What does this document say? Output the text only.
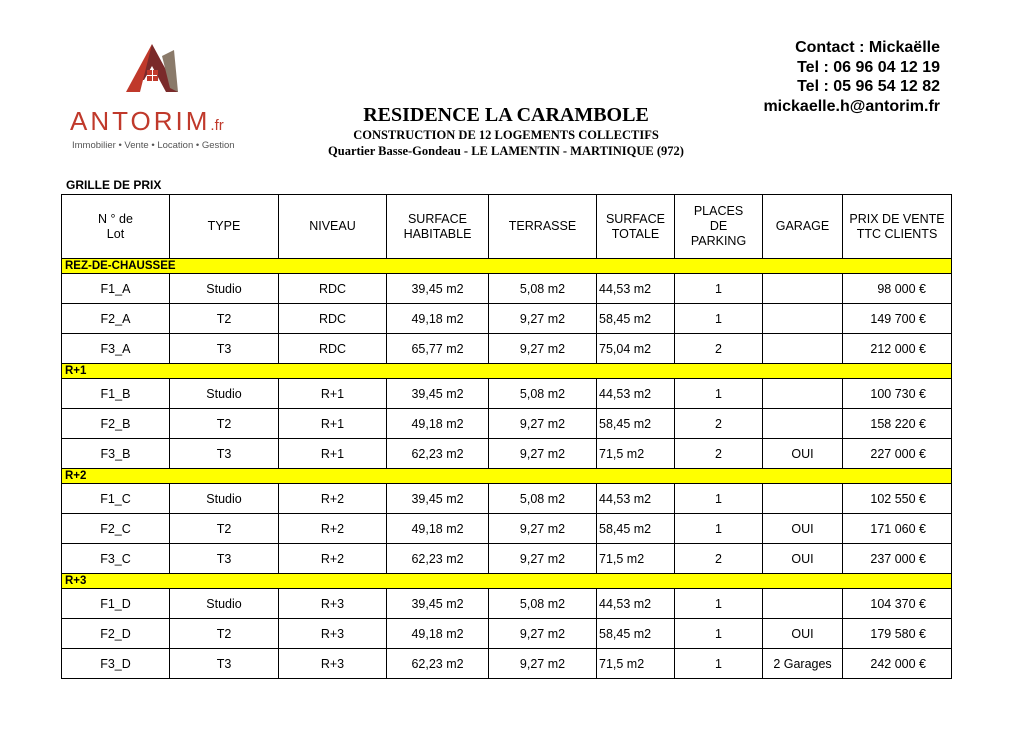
ANTORIM.fr
Immobilier • Vente • Location • Gestion
RESIDENCE LA CARAMBOLE
CONSTRUCTION DE 12 LOGEMENTS COLLECTIFS
Quartier Basse-Gondeau - LE LAMENTIN - MARTINIQUE (972)
Contact : Mickaëlle
Tel : 06 96 04 12 19
Tel : 05 96 54 12 82
mickaelle.h@antorim.fr
GRILLE DE PRIX
N ° de
Lot	TYPE	NIVEAU	SURFACE
HABITABLE	TERRASSE	SURFACE
TOTALE	PLACES
DE
PARKING	GARAGE	PRIX DE VENTE
TTC CLIENTS
REZ-DE-CHAUSSEE								
F1_A	Studio	RDC	39,45 m2	5,08 m2	44,53 m2	1		98 000 €
F2_A	T2	RDC	49,18 m2	9,27 m2	58,45 m2	1		149 700 €
F3_A	T3	RDC	65,77 m2	9,27 m2	75,04 m2	2		212 000 €
R+1								
F1_B	Studio	R+1	39,45 m2	5,08 m2	44,53 m2	1		100 730 €
F2_B	T2	R+1	49,18 m2	9,27 m2	58,45 m2	2		158 220 €
F3_B	T3	R+1	62,23 m2	9,27 m2	71,5 m2	2	OUI	227 000 €
R+2								
F1_C	Studio	R+2	39,45 m2	5,08 m2	44,53 m2	1		102 550 €
F2_C	T2	R+2	49,18 m2	9,27 m2	58,45 m2	1	OUI	171 060 €
F3_C	T3	R+2	62,23 m2	9,27 m2	71,5 m2	2	OUI	237 000 €
R+3								
F1_D	Studio	R+3	39,45 m2	5,08 m2	44,53 m2	1		104 370 €
F2_D	T2	R+3	49,18 m2	9,27 m2	58,45 m2	1	OUI	179 580 €
F3_D	T3	R+3	62,23 m2	9,27 m2	71,5 m2	1	2 Garages	242 000 €
